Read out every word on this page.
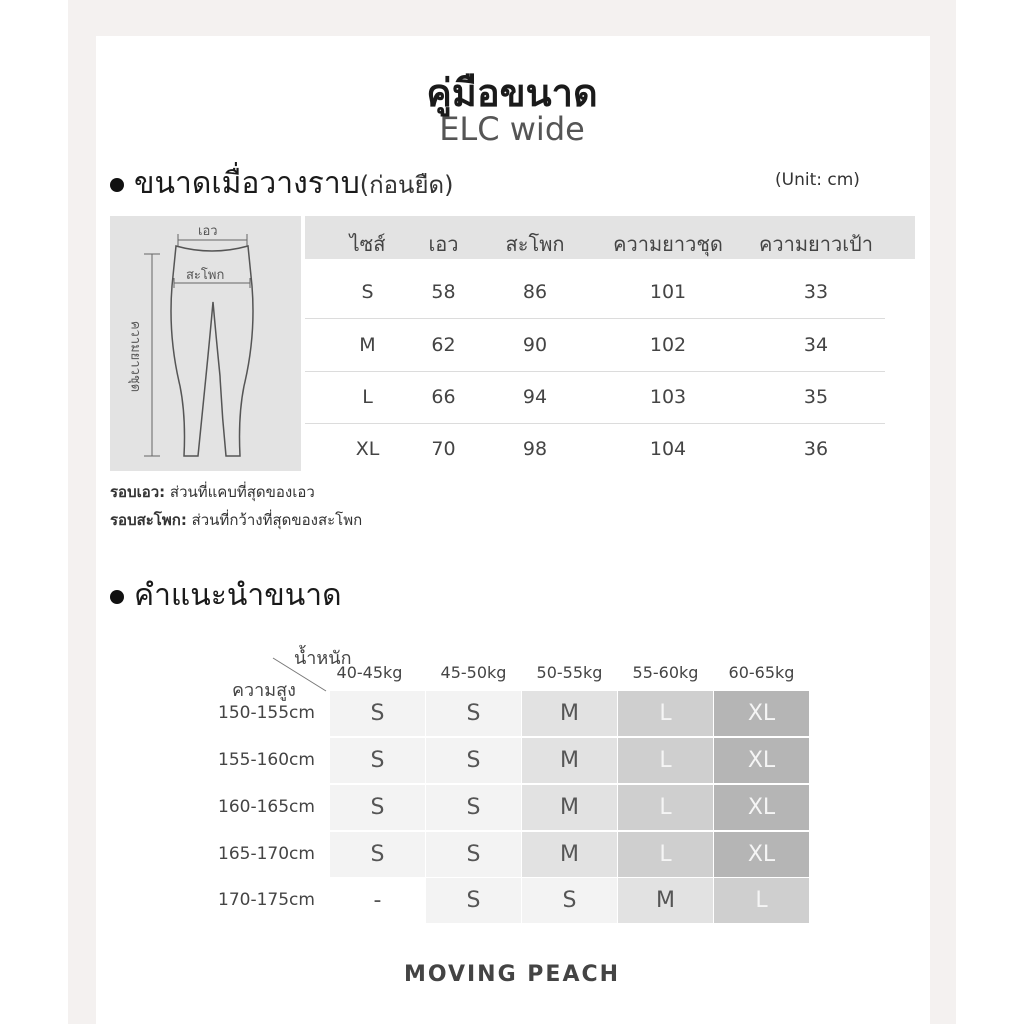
คู่มือขนาด
ELC wide
ขนาดเมื่อวางราบ(ก่อนยืด)	(Unit: cm)
เอว
สะโพก
ความยาวชุด
ไซส์	เอว	สะโพก	ความยาวชุด	ความยาวเป้า
S	58	86	101	33
M	62	90	102	34
L	66	94	103	35
XL	70	98	104	36
รอบเอว: ส่วนที่แคบที่สุดของเอว
รอบสะโพก: ส่วนที่กว้างที่สุดของสะโพก
คำแนะนำขนาด
น้ำหนัก
ความสูง
40-45kg	45-50kg	50-55kg	55-60kg	60-65kg
150-155cm	S	S	M	L	XL
155-160cm	S	S	M	L	XL
160-165cm	S	S	M	L	XL
165-170cm	S	S	M	L	XL
170-175cm	-	S	S	M	L
MOVING PEACH
